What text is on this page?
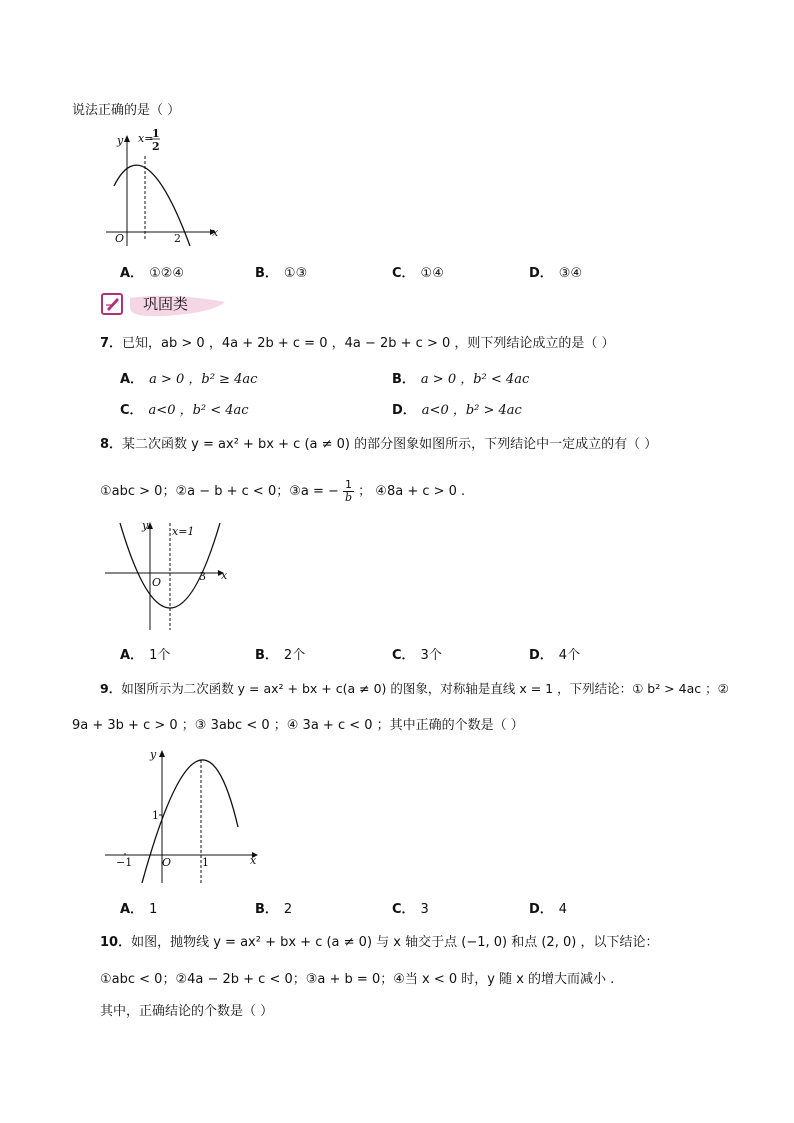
说法正确的是（ ）
y
x
O
x=
1
2
2
A． ①②④	B． ①③	C． ①④	D． ③④
巩固类
7．已知，ab > 0 ，4a + 2b + c = 0 ，4a − 2b + c > 0 ，则下列结论成立的是（ ）
A． a > 0 ，b² ≥ 4ac	B． a > 0 ，b² < 4ac
C． a<0 ，b² < 4ac	D． a<0 ，b² > 4ac
8．某二次函数 y = ax² + bx + c (a ≠ 0) 的部分图象如图所示，下列结论中一定成立的有（ ）
①abc > 0；②a − b + c < 0；③a = − $\frac{1}{b}$ ； ④8a + c > 0 .
y
x
O
x=1
3
A． 1个	B． 2个	C． 3个	D． 4个
9．如图所示为二次函数 y = ax² + bx + c(a ≠ 0) 的图象，对称轴是直线 x = 1 ，下列结论：① b² > 4ac ；②
9a + 3b + c > 0 ；③ 3abc < 0 ；④ 3a + c < 0 ；其中正确的个数是（ ）
y
x
O
−1	1
1
A． 1	B． 2	C． 3	D． 4
10．如图，抛物线 y = ax² + bx + c (a ≠ 0) 与 x 轴交于点 (−1, 0) 和点 (2, 0) ，以下结论：
①abc < 0；②4a − 2b + c < 0；③a + b = 0；④当 x < 0 时，y 随 x 的增大而减小 .
其中，正确结论的个数是（ ）
